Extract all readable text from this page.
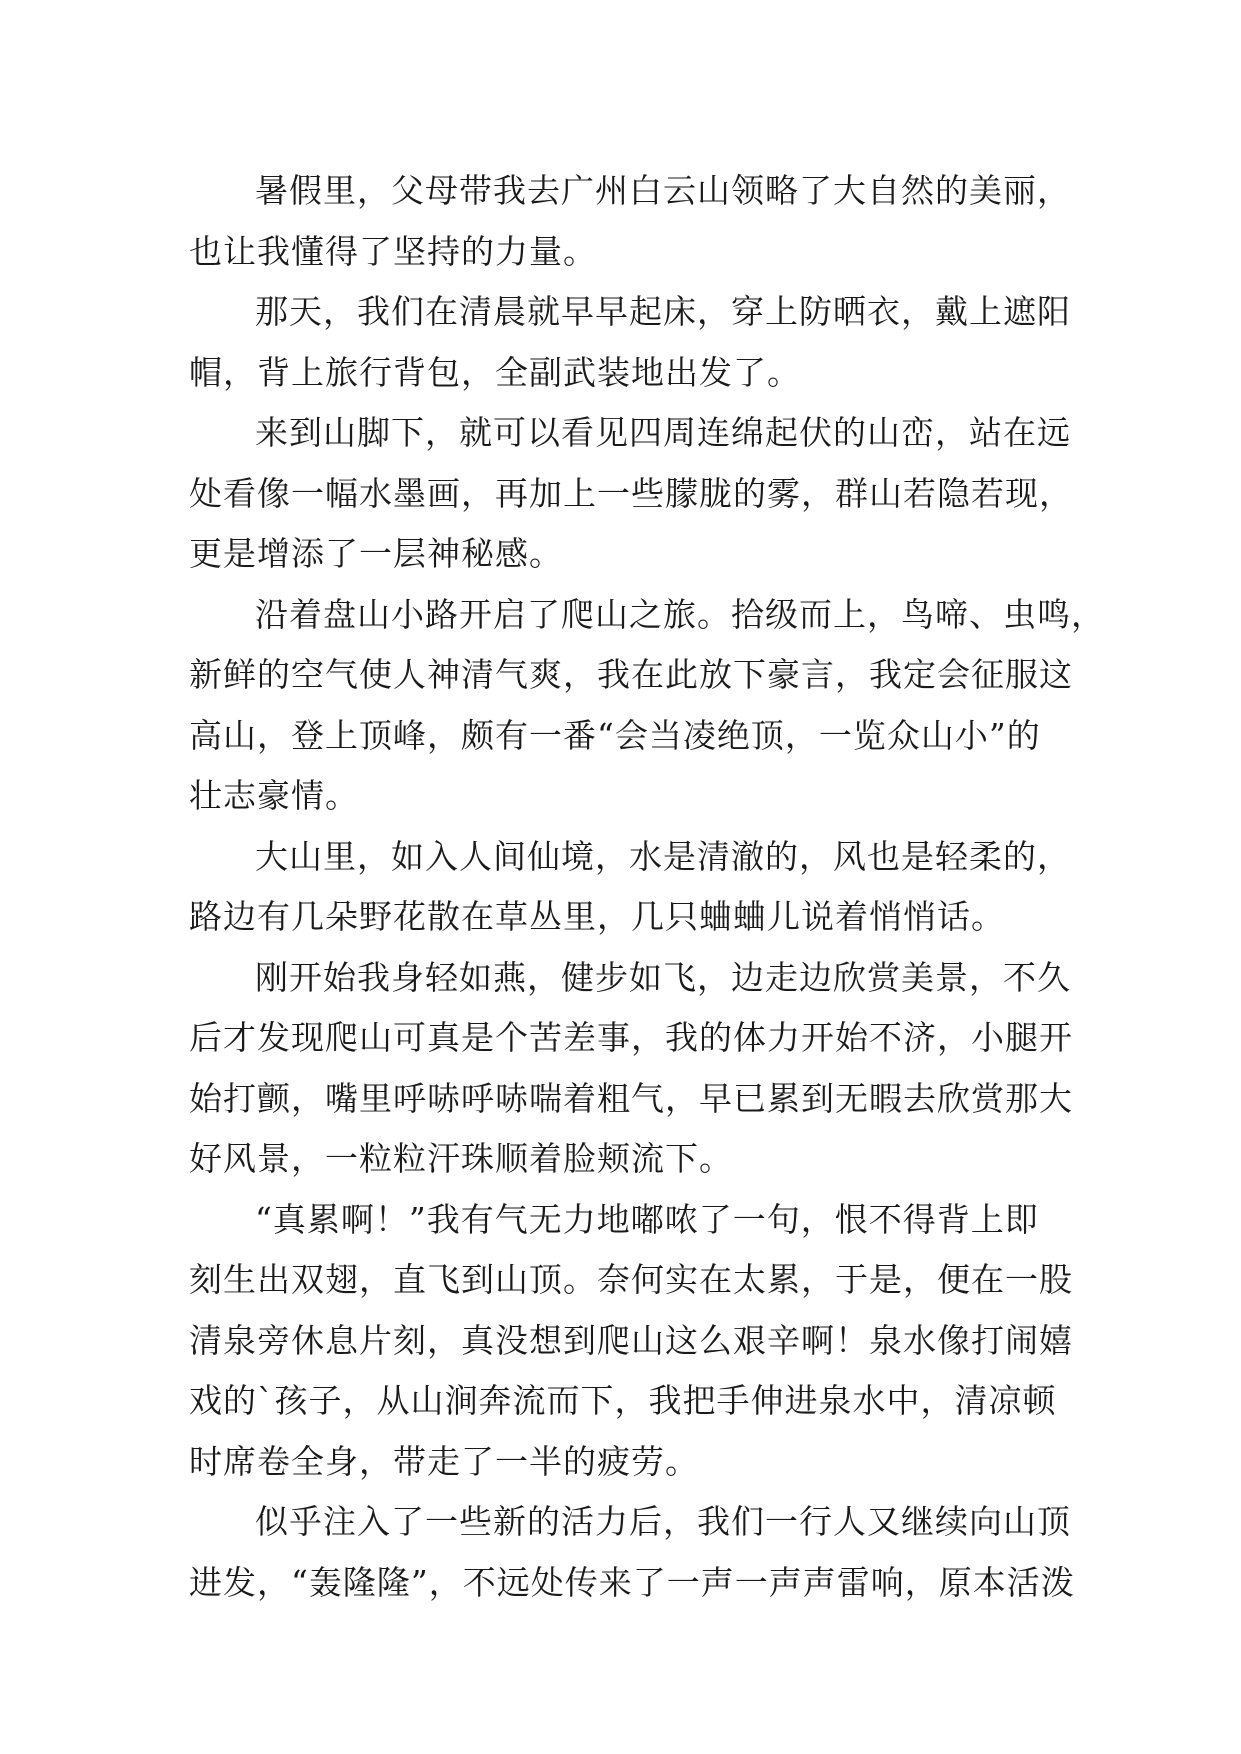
暑假里，父母带我去广州白云山领略了大自然的美丽，
也让我懂得了坚持的力量。

那天，我们在清晨就早早起床，穿上防晒衣，戴上遮阳
帽，背上旅行背包，全副武装地出发了。

来到山脚下，就可以看见四周连绵起伏的山峦，站在远
处看像一幅水墨画，再加上一些朦胧的雾，群山若隐若现，
更是增添了一层神秘感。

沿着盘山小路开启了爬山之旅。拾级而上，鸟啼、虫鸣，
新鲜的空气使人神清气爽，我在此放下豪言，我定会征服这
高山，登上顶峰，颇有一番“会当凌绝顶，一览众山小”的
壮志豪情。

大山里，如入人间仙境，水是清澈的，风也是轻柔的，
路边有几朵野花散在草丛里，几只蛐蛐儿说着悄悄话。

刚开始我身轻如燕，健步如飞，边走边欣赏美景，不久
后才发现爬山可真是个苦差事，我的体力开始不济，小腿开
始打颤，嘴里呼哧呼哧喘着粗气，早已累到无暇去欣赏那大
好风景，一粒粒汗珠顺着脸颊流下。

“真累啊！”我有气无力地嘟哝了一句，恨不得背上即
刻生出双翅，直飞到山顶。奈何实在太累，于是，便在一股
清泉旁休息片刻，真没想到爬山这么艰辛啊！泉水像打闹嬉
戏的`孩子，从山涧奔流而下，我把手伸进泉水中，清凉顿
时席卷全身，带走了一半的疲劳。

似乎注入了一些新的活力后，我们一行人又继续向山顶
进发，“轰隆隆”，不远处传来了一声一声声雷响，原本活泼
